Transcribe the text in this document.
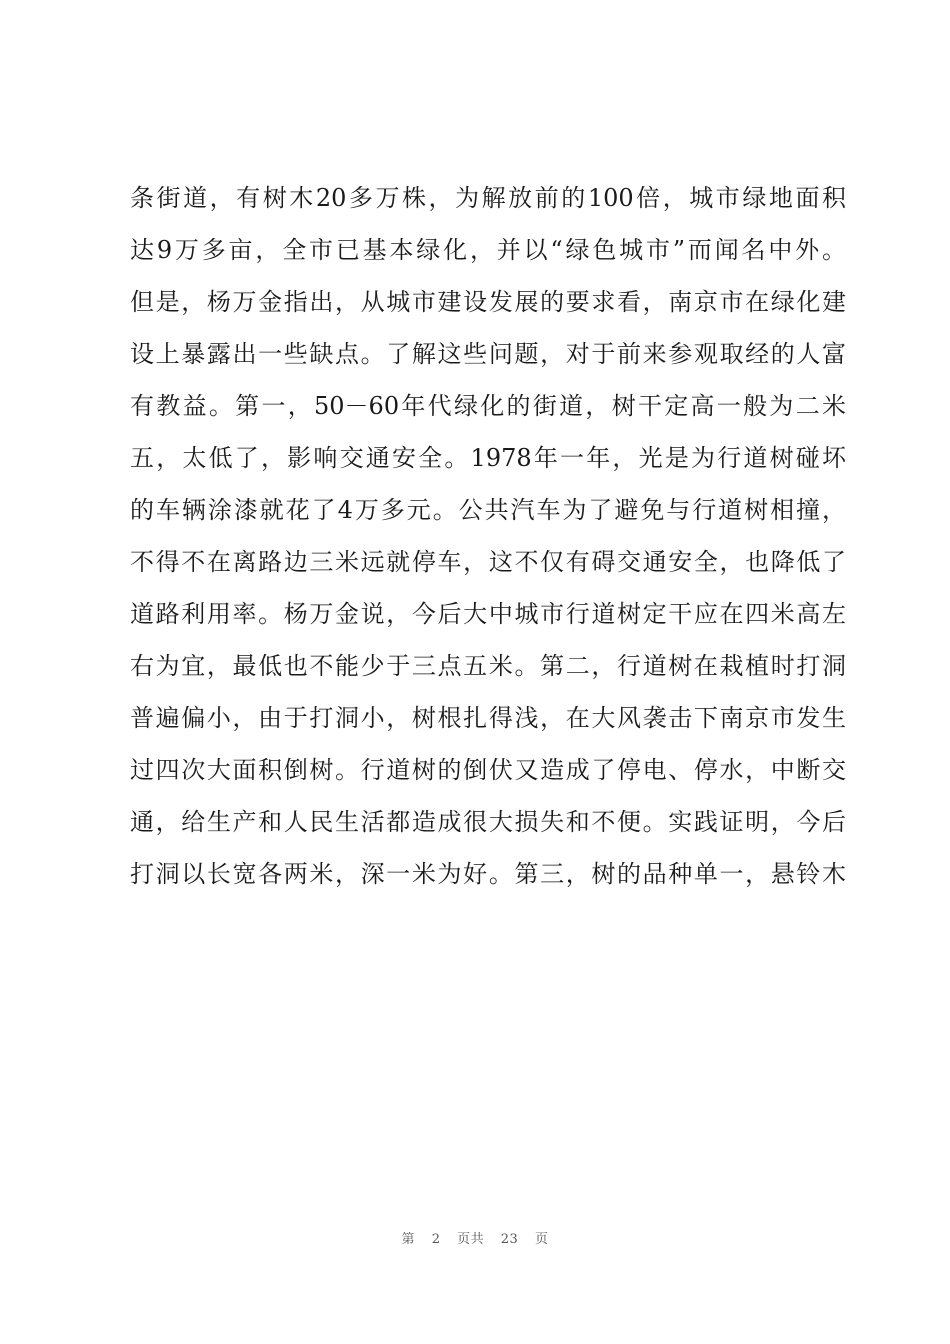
条街道，有树木20多万株，为解放前的100倍，城市绿地面积
达9万多亩，全市已基本绿化，并以“绿色城市”而闻名中外。
但是，杨万金指出，从城市建设发展的要求看，南京市在绿化建
设上暴露出一些缺点。了解这些问题，对于前来参观取经的人富
有教益。第一，50－60年代绿化的街道，树干定高一般为二米
五，太低了，影响交通安全。1978年一年，光是为行道树碰坏
的车辆涂漆就花了4万多元。公共汽车为了避免与行道树相撞，
不得不在离路边三米远就停车，这不仅有碍交通安全，也降低了
道路利用率。杨万金说，今后大中城市行道树定干应在四米高左
右为宜，最低也不能少于三点五米。第二，行道树在栽植时打洞
普遍偏小，由于打洞小，树根扎得浅，在大风袭击下南京市发生
过四次大面积倒树。行道树的倒伏又造成了停电、停水，中断交
通，给生产和人民生活都造成很大损失和不便。实践证明，今后
打洞以长宽各两米，深一米为好。第三，树的品种单一，悬铃木
第 2 页共 23 页
